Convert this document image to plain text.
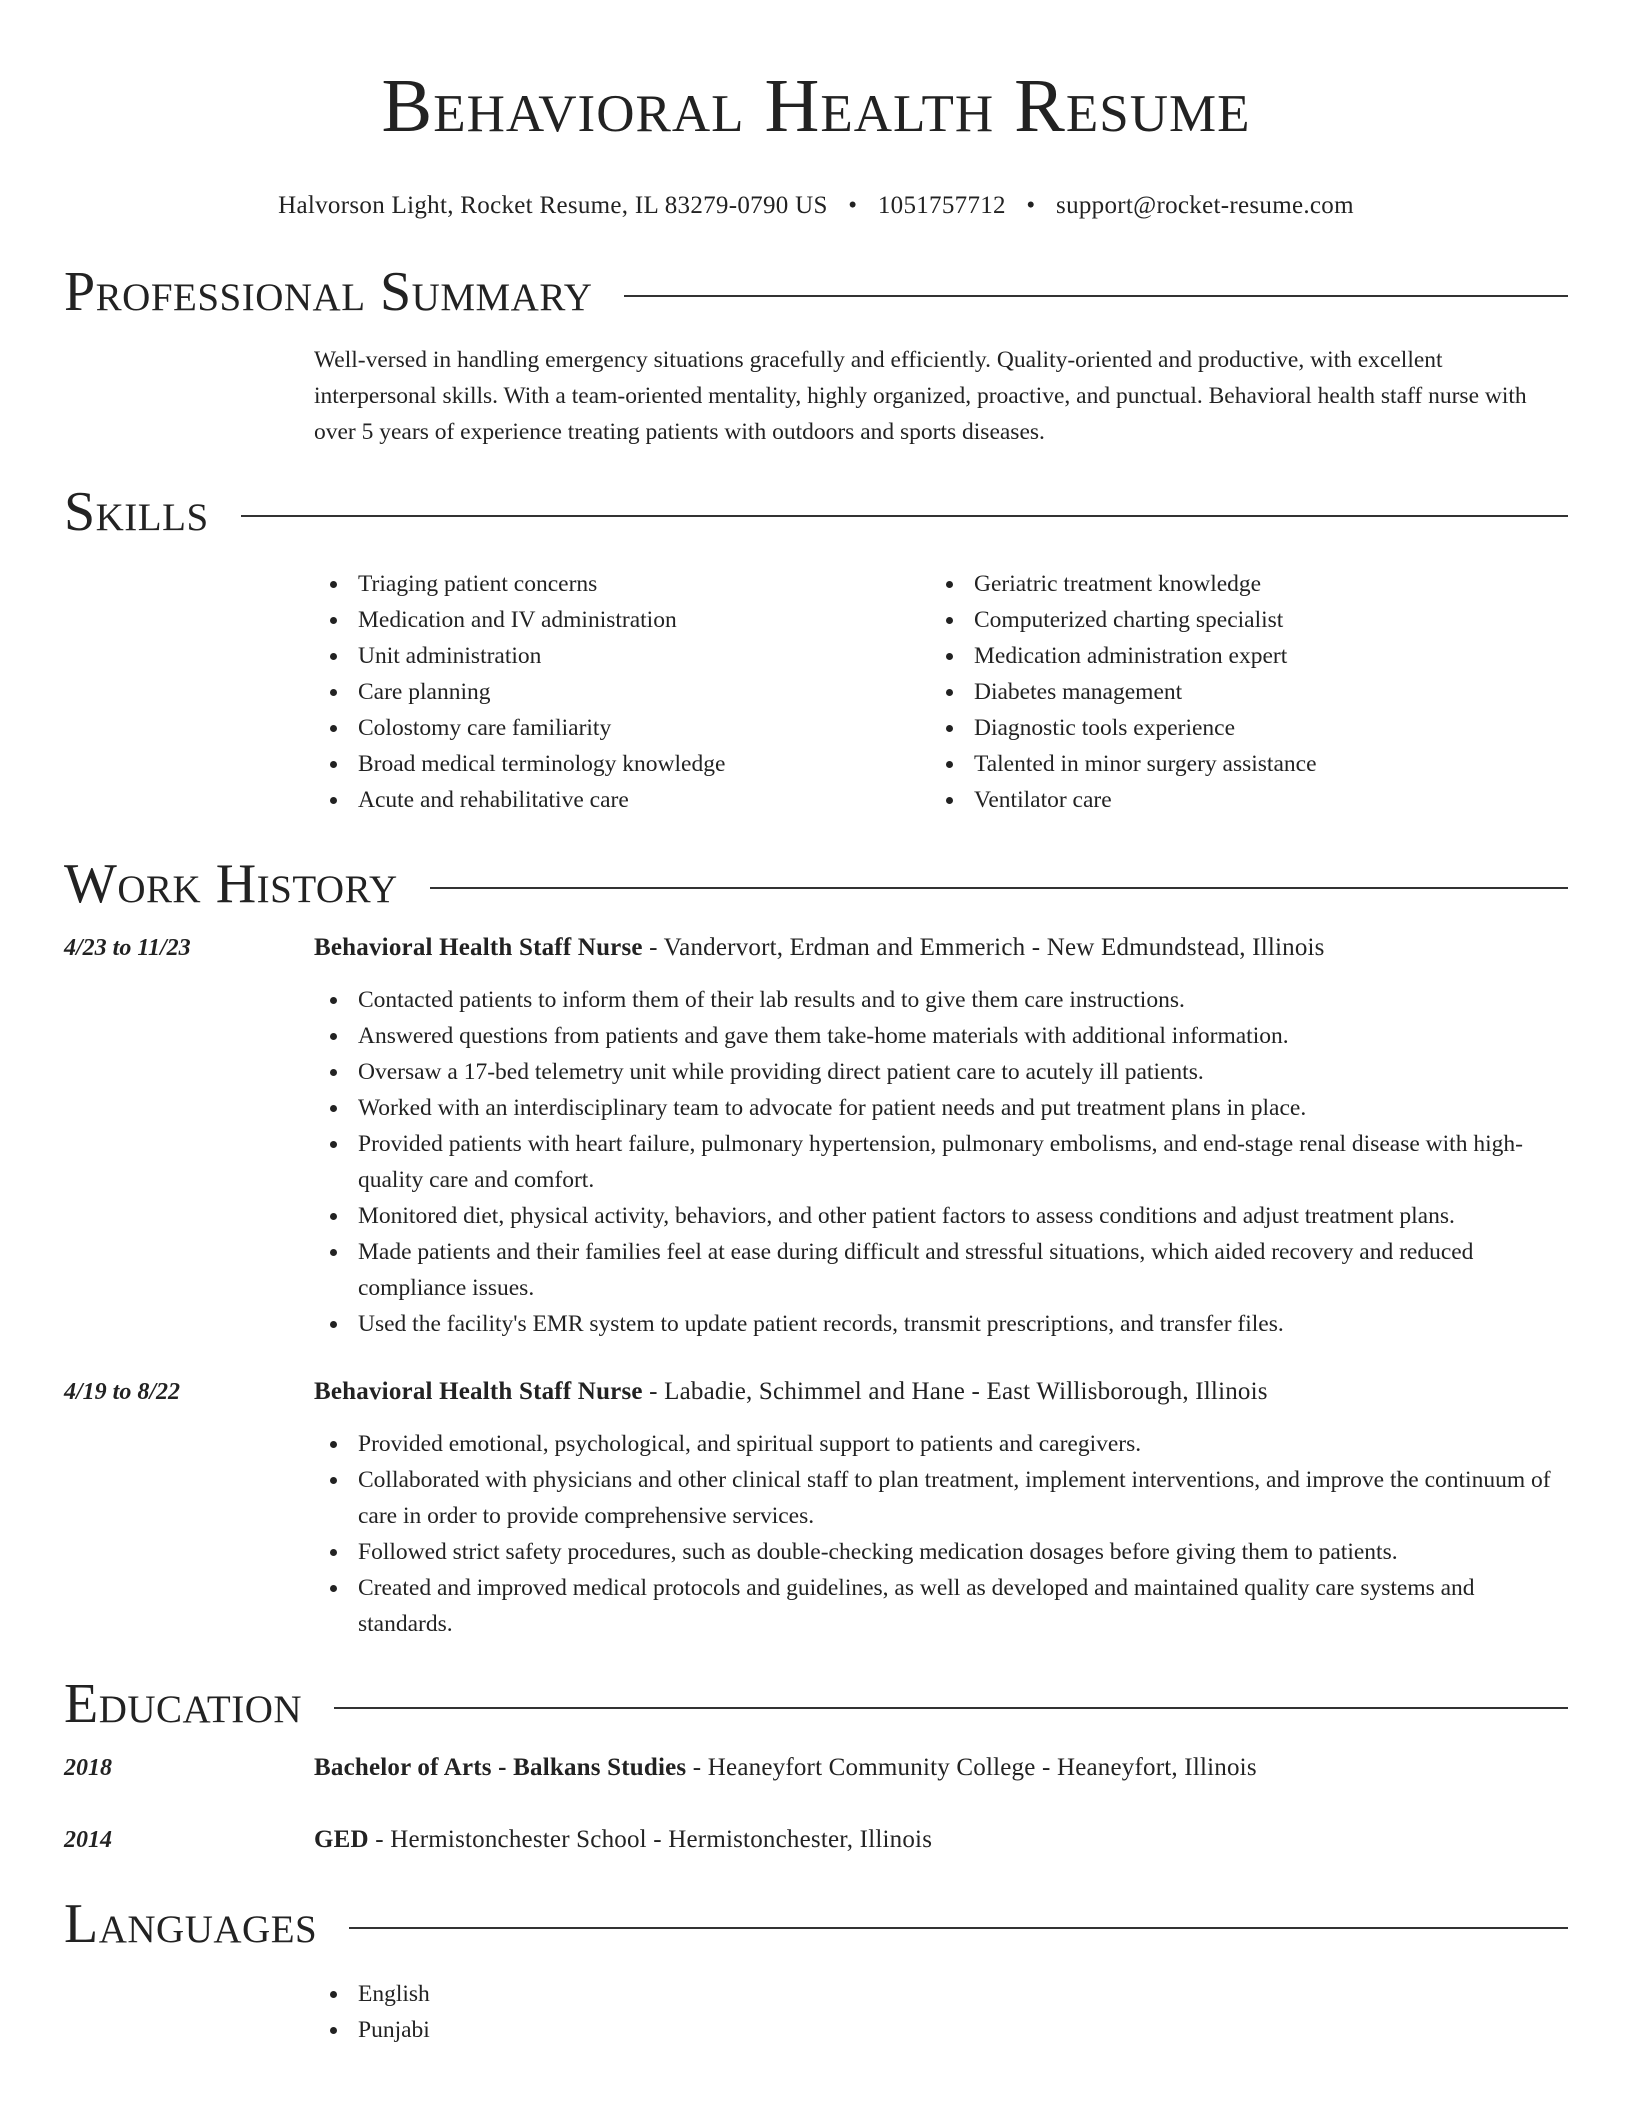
Behavioral Health Resume
Halvorson Light, Rocket Resume, IL 83279-0790 US • 1051757712 • support@rocket-resume.com
Professional Summary
Well-versed in handling emergency situations gracefully and efficiently. Quality-oriented and productive, with excellent interpersonal skills. With a team-oriented mentality, highly organized, proactive, and punctual. Behavioral health staff nurse with over 5 years of experience treating patients with outdoors and sports diseases.
Skills
Triaging patient concerns
Medication and IV administration
Unit administration
Care planning
Colostomy care familiarity
Broad medical terminology knowledge
Acute and rehabilitative care
Geriatric treatment knowledge
Computerized charting specialist
Medication administration expert
Diabetes management
Diagnostic tools experience
Talented in minor surgery assistance
Ventilator care
Work History
4/23 to 11/23	Behavioral Health Staff Nurse - Vandervort, Erdman and Emmerich - New Edmundstead, Illinois
Contacted patients to inform them of their lab results and to give them care instructions.
Answered questions from patients and gave them take-home materials with additional information.
Oversaw a 17-bed telemetry unit while providing direct patient care to acutely ill patients.
Worked with an interdisciplinary team to advocate for patient needs and put treatment plans in place.
Provided patients with heart failure, pulmonary hypertension, pulmonary embolisms, and end-stage renal disease with high-quality care and comfort.
Monitored diet, physical activity, behaviors, and other patient factors to assess conditions and adjust treatment plans.
Made patients and their families feel at ease during difficult and stressful situations, which aided recovery and reduced compliance issues.
Used the facility's EMR system to update patient records, transmit prescriptions, and transfer files.
4/19 to 8/22	Behavioral Health Staff Nurse - Labadie, Schimmel and Hane - East Willisborough, Illinois
Provided emotional, psychological, and spiritual support to patients and caregivers.
Collaborated with physicians and other clinical staff to plan treatment, implement interventions, and improve the continuum of care in order to provide comprehensive services.
Followed strict safety procedures, such as double-checking medication dosages before giving them to patients.
Created and improved medical protocols and guidelines, as well as developed and maintained quality care systems and standards.
Education
2018	Bachelor of Arts - Balkans Studies - Heaneyfort Community College - Heaneyfort, Illinois
2014	GED - Hermistonchester School - Hermistonchester, Illinois
Languages
English
Punjabi
